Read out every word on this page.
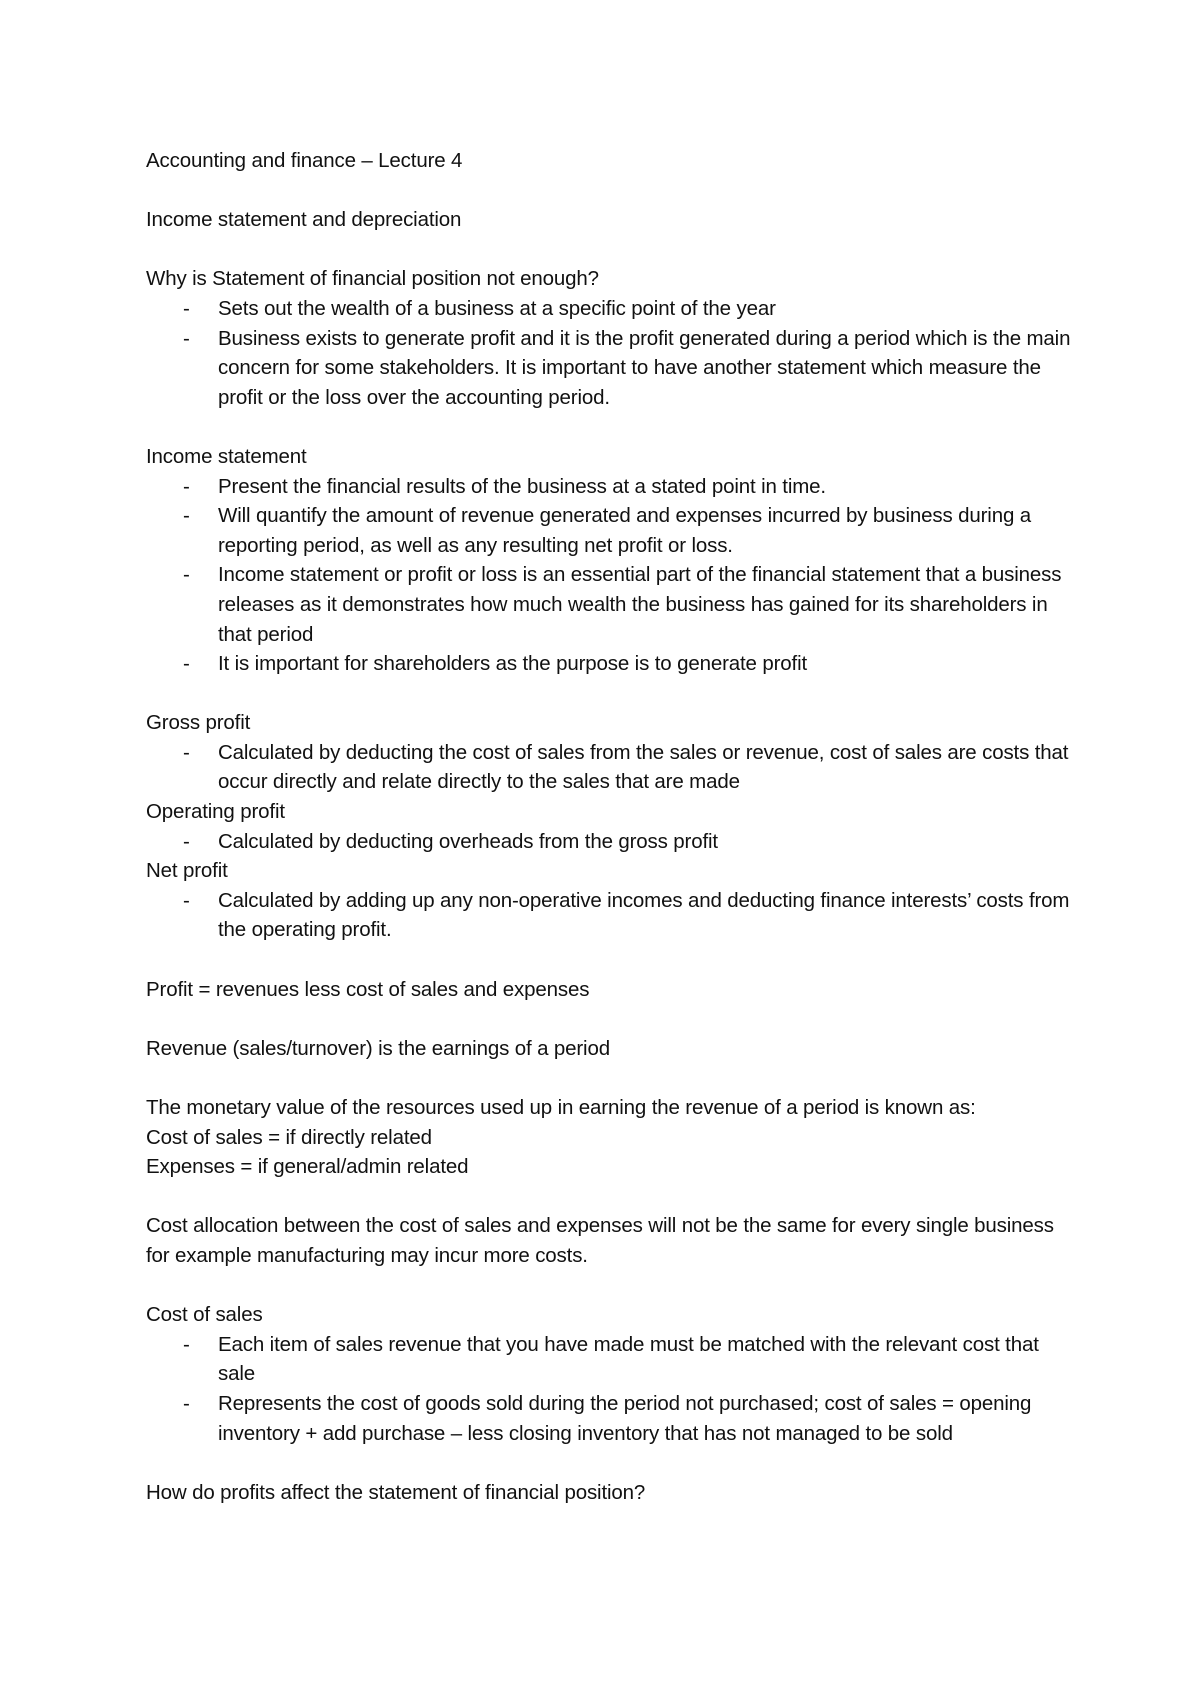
Accounting and finance – Lecture 4

Income statement and depreciation

Why is Statement of financial position not enough?

- Sets out the wealth of a business at a specific point of the year
- Business exists to generate profit and it is the profit generated during a period which is the main concern for some stakeholders. It is important to have another statement which measure the profit or the loss over the accounting period.

Income statement

- Present the financial results of the business at a stated point in time.
- Will quantify the amount of revenue generated and expenses incurred by business during a reporting period, as well as any resulting net profit or loss.
- Income statement or profit or loss is an essential part of the financial statement that a business releases as it demonstrates how much wealth the business has gained for its shareholders in that period
- It is important for shareholders as the purpose is to generate profit

Gross profit

- Calculated by deducting the cost of sales from the sales or revenue, cost of sales are costs that occur directly and relate directly to the sales that are made

Operating profit

- Calculated by deducting overheads from the gross profit

Net profit

- Calculated by adding up any non-operative incomes and deducting finance interests’ costs from the operating profit.

Profit = revenues less cost of sales and expenses

Revenue (sales/turnover) is the earnings of a period

The monetary value of the resources used up in earning the revenue of a period is known as:

Cost of sales = if directly related

Expenses = if general/admin related

Cost allocation between the cost of sales and expenses will not be the same for every single business for example manufacturing may incur more costs.

Cost of sales

- Each item of sales revenue that you have made must be matched with the relevant cost that sale
- Represents the cost of goods sold during the period not purchased; cost of sales = opening inventory + add purchase – less closing inventory that has not managed to be sold

How do profits affect the statement of financial position?
